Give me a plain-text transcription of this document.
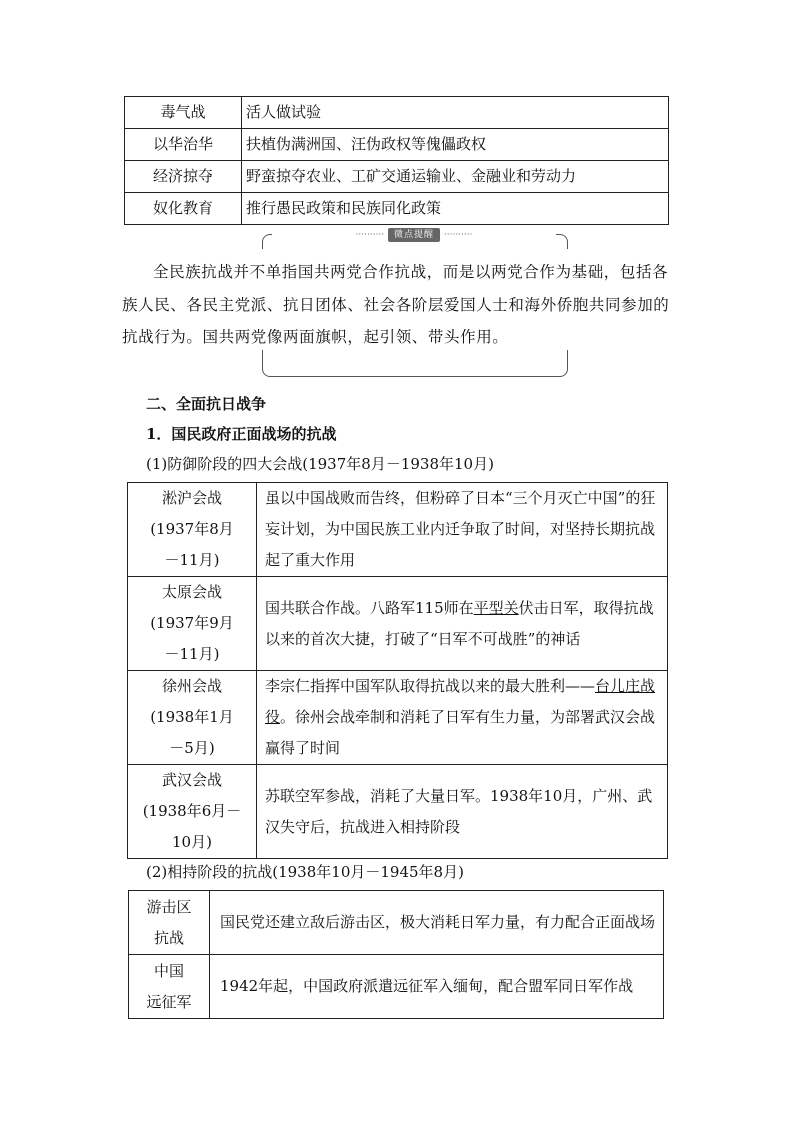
毒气战	活人做试验
以华治华	扶植伪满洲国、汪伪政权等傀儡政权
经济掠夺	野蛮掠夺农业、工矿交通运输业、金融业和劳动力
奴化教育	推行愚民政策和民族同化政策
·········· 微点提醒 ··········
全民族抗战并不单指国共两党合作抗战，而是以两党合作为基础，包括各族人民、各民主党派、抗日团体、社会各阶层爱国人士和海外侨胞共同参加的抗战行为。国共两党像两面旗帜，起引领、带头作用。
二、全面抗日战争
1．国民政府正面战场的抗战
(1)防御阶段的四大会战(1937年8月－1938年10月)
淞沪会战
(1937年8月
－11月)	虽以中国战败而告终，但粉碎了日本“三个月灭亡中国”的狂妄计划，为中国民族工业内迁争取了时间，对坚持长期抗战起了重大作用

太原会战
(1937年9月
－11月)	国共联合作战。八路军115师在平型关伏击日军，取得抗战以来的首次大捷，打破了“日军不可战胜”的神话

徐州会战
(1938年1月
－5月)	李宗仁指挥中国军队取得抗战以来的最大胜利——台儿庄战役。徐州会战牵制和消耗了日军有生力量，为部署武汉会战赢得了时间

武汉会战
(1938年6月－
10月)	苏联空军参战，消耗了大量日军。1938年10月，广州、武汉失守后，抗战进入相持阶段
(2)相持阶段的抗战(1938年10月－1945年8月)
游击区
抗战	国民党还建立敌后游击区，极大消耗日军力量，有力配合正面战场

中国
远征军	1942年起，中国政府派遣远征军入缅甸，配合盟军同日军作战
